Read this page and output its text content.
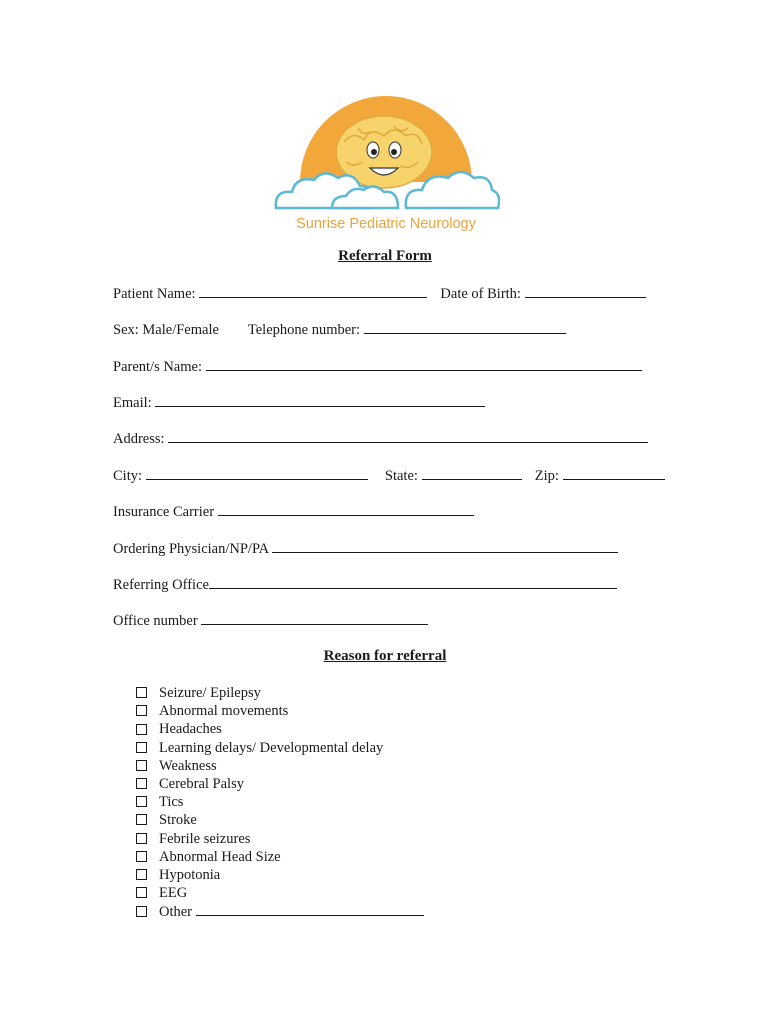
Sunrise Pediatric Neurology
Referral Form
Patient Name:	Date of Birth:
Sex: Male/Female Telephone number:
Parent/s Name:
Email:
Address:
City:	State:	Zip:
Insurance Carrier
Ordering Physician/NP/PA
Referring Office
Office number
Reason for referral
Seizure/ Epilepsy
Abnormal movements
Headaches
Learning delays/ Developmental delay
Weakness
Cerebral Palsy
Tics
Stroke
Febrile seizures
Abnormal Head Size
Hypotonia
EEG
Other
